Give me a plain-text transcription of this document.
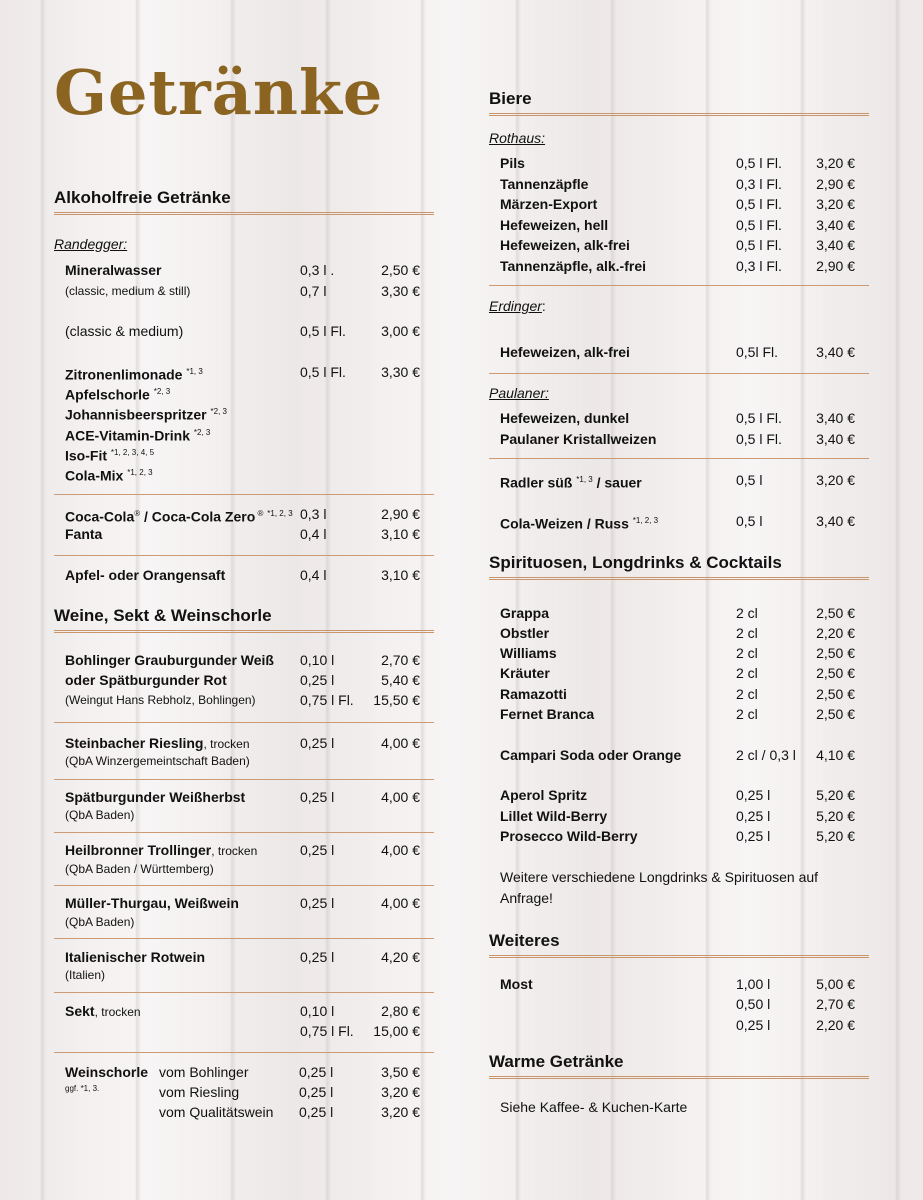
Getränke
Alkoholfreie Getränke
Randegger:
Mineralwasser	0,3 l .	2,50 €
(classic, medium & still)	0,7 l	3,30 €
(classic & medium)	0,5 l Fl.	3,00 €
Zitronenlimonade $^{*1, 3}$	0,5 l Fl.	3,30 €
Apfelschorle $^{*2, 3}$
Johannisbeerspritzer $^{*2, 3}$
ACE-Vitamin-Drink $^{*2, 3}$
Iso-Fit $^{*1, 2, 3, 4, 5}$
Cola-Mix $^{*1, 2, 3}$
Coca-Cola® / Coca-Cola Zero ® $^{*1, 2, 3}$ 0,3 l	2,90 €
Fanta	0,4 l	3,10 €
Apfel- oder Orangensaft	0,4 l	3,10 €
Weine, Sekt & Weinschorle
Bohlinger Grauburgunder Weiß 0,10 l	2,70 €
oder Spätburgunder Rot	0,25 l	5,40 €
(Weingut Hans Rebholz, Bohlingen)	0,75 l Fl. 15,50 €
Steinbacher Riesling, trocken	0,25 l	4,00 €
(QbA Winzergemeintschaft Baden)
Spätburgunder Weißherbst	0,25 l	4,00 €
(QbA Baden)
Heilbronner Trollinger, trocken	0,25 l	4,00 €
(QbA Baden / Württemberg)
Müller-Thurgau, Weißwein	0,25 l	4,00 €
(QbA Baden)
Italienischer Rotwein	0,25 l	4,20 €
(Italien)
Sekt, trocken	0,10 l	2,80 €
0,75 l Fl. 15,00 €
Weinschorle vom Bohlinger	0,25 l	3,50 €
ggf. *1, 3.	vom Riesling	0,25 l	3,20 €
vom Qualitätswein 0,25 l	3,20 €
Biere
Rothaus:
Pils	0,5 l Fl. 3,20 €
Tannenzäpfle	0,3 l Fl. 2,90 €
Märzen-Export	0,5 l Fl. 3,20 €
Hefeweizen, hell	0,5 l Fl. 3,40 €
Hefeweizen, alk-frei	0,5 l Fl. 3,40 €
Tannenzäpfle, alk.-frei	0,3 l Fl. 2,90 €
Erdinger:
Hefeweizen, alk-frei	0,5l Fl.	3,40 €
Paulaner:
Hefeweizen, dunkel	0,5 l Fl. 3,40 €
Paulaner Kristallweizen	0,5 l Fl. 3,40 €
Radler süß $^{*1, 3}$ / sauer	0,5 l	3,20 €
Cola-Weizen / Russ $^{*1, 2, 3}$	0,5 l	3,40 €
Spirituosen, Longdrinks & Cocktails
Grappa	2 cl	2,50 €
Obstler	2 cl	2,20 €
Williams	2 cl	2,50 €
Kräuter	2 cl	2,50 €
Ramazotti	2 cl	2,50 €
Fernet Branca	2 cl	2,50 €
Campari Soda oder Orange	2 cl / 0,3 l 4,10 €
Aperol Spritz	0,25 l	5,20 €
Lillet Wild-Berry	0,25 l	5,20 €
Prosecco Wild-Berry	0,25 l	5,20 €
Weitere verschiedene Longdrinks & Spirituosen auf Anfrage!
Weiteres
Most	1,00 l	5,00 €
0,50 l	2,70 €
0,25 l	2,20 €
Warme Getränke
Siehe Kaffee- & Kuchen-Karte
